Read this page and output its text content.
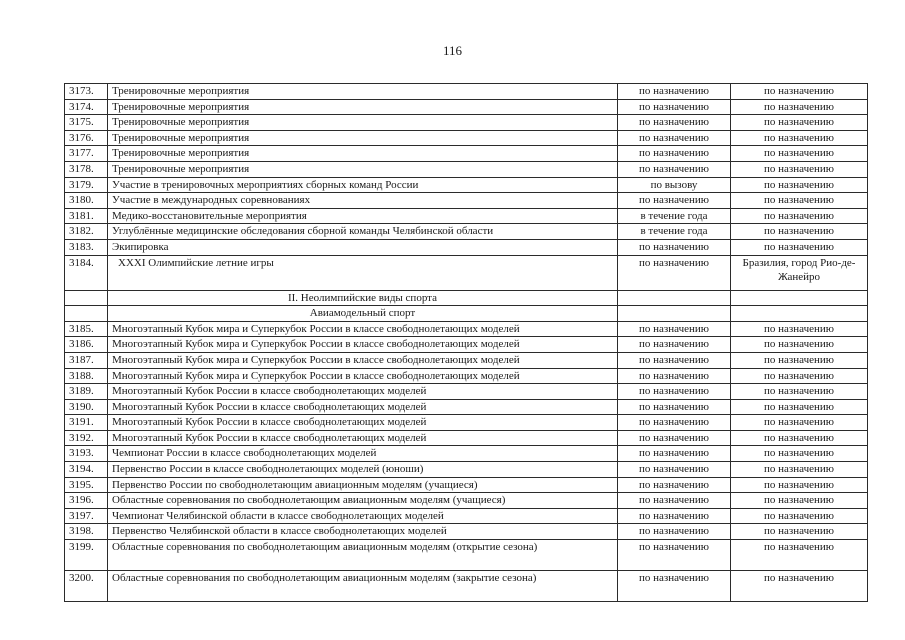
116
3173.	Тренировочные мероприятия	по назначению	по назначению
3174.	Тренировочные мероприятия	по назначению	по назначению
3175.	Тренировочные мероприятия	по назначению	по назначению
3176.	Тренировочные мероприятия	по назначению	по назначению
3177.	Тренировочные мероприятия	по назначению	по назначению
3178.	Тренировочные мероприятия	по назначению	по назначению
3179.	Участие в тренировочных мероприятиях сборных команд России	по вызову	по назначению
3180.	Участие в международных соревнованиях	по назначению	по назначению
3181.	Медико-восстановительные мероприятия	в течение года	по назначению
3182.	Углублённые медицинские обследования сборной команды Челябинской области	в течение года	по назначению
3183.	Экипировка	по назначению	по назначению
3184.	XXXI Олимпийские летние игры	по назначению	Бразилия, город Рио-де-Жанейро
	II. Неолимпийские виды спорта		
	Авиамодельный спорт		
3185.	Многоэтапный Кубок мира и Суперкубок России в классе свободнолетающих моделей	по назначению	по назначению
3186.	Многоэтапный Кубок мира и Суперкубок России в классе свободнолетающих моделей	по назначению	по назначению
3187.	Многоэтапный Кубок мира и Суперкубок России в классе свободнолетающих моделей	по назначению	по назначению
3188.	Многоэтапный Кубок мира и Суперкубок России в классе свободнолетающих моделей	по назначению	по назначению
3189.	Многоэтапный Кубок России в классе свободнолетающих моделей	по назначению	по назначению
3190.	Многоэтапный Кубок России в классе свободнолетающих моделей	по назначению	по назначению
3191.	Многоэтапный Кубок России в классе свободнолетающих моделей	по назначению	по назначению
3192.	Многоэтапный Кубок России в классе свободнолетающих моделей	по назначению	по назначению
3193.	Чемпионат России в классе свободнолетающих моделей	по назначению	по назначению
3194.	Первенство России в классе свободнолетающих моделей (юноши)	по назначению	по назначению
3195.	Первенство России по свободнолетающим авиационным моделям (учащиеся)	по назначению	по назначению
3196.	Областные соревнования по свободнолетающим авиационным моделям (учащиеся)	по назначению	по назначению
3197.	Чемпионат Челябинской области в классе свободнолетающих моделей	по назначению	по назначению
3198.	Первенство Челябинской области в классе свободнолетающих моделей	по назначению	по назначению
3199.	Областные соревнования по свободнолетающим авиационным моделям (открытие сезона)	по назначению	по назначению
3200.	Областные соревнования по свободнолетающим авиационным моделям (закрытие сезона)	по назначению	по назначению
